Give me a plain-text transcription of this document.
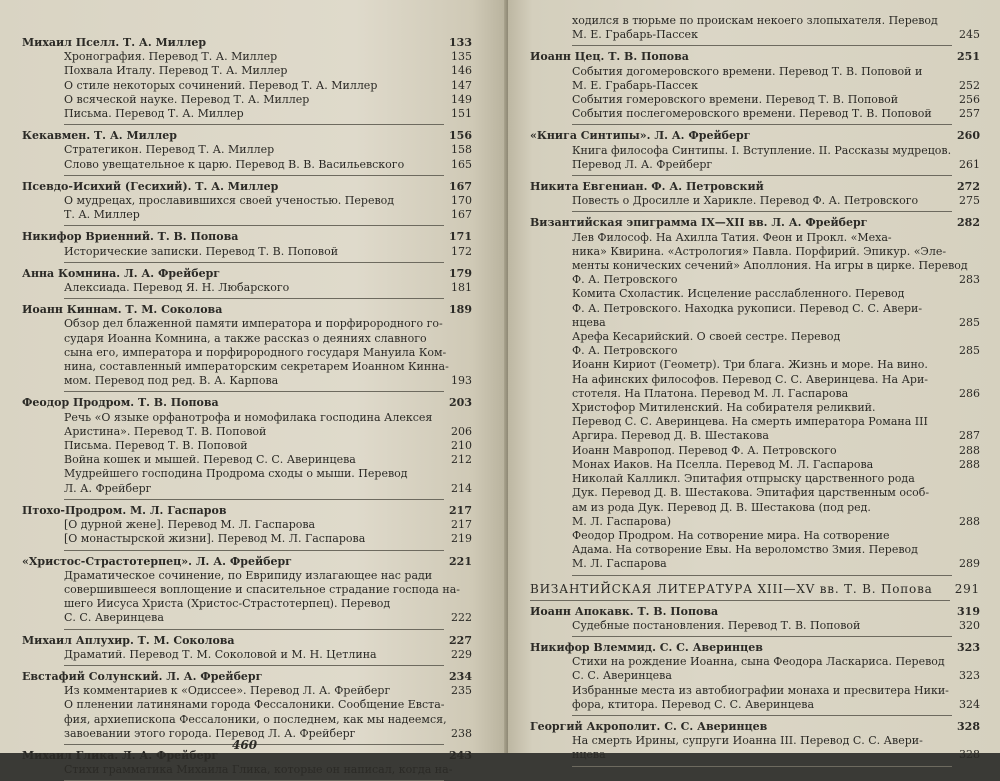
Михаил Пселл. Т. А. Миллер	133
Хронография. Перевод Т. А. Миллер	135
Похвала Италу. Перевод Т. А. Миллер	146
О стиле некоторых сочинений. Перевод Т. А. Миллер	147
О всяческой науке. Перевод Т. А. Миллер	149
Письма. Перевод Т. А. Миллер	151
Кекавмен. Т. А. Миллер	156
Стратегикон. Перевод Т. А. Миллер	158
Слово увещательное к царю. Перевод В. В. Васильевского	165
Псевдо-Исихий (Гесихий). Т. А. Миллер	167
О мудрецах, прославившихся своей ученостью. Перевод	170
Т. А. Миллер	167
Никифор Вриенний. Т. В. Попова	171
Исторические записки. Перевод Т. В. Поповой	172
Анна Комнина. Л. А. Фрейберг	179
Алексиада. Перевод Я. Н. Любарского	181
Иоанн Киннам. Т. М. Соколова	189
Обзор дел блаженной памяти императора и порфирородного го-
сударя Иоанна Комнина, а также рассказ о деяниях славного
сына его, императора и порфирородного государя Мануила Ком-
нина, составленный императорским секретарем Иоанном Кинна-
мом. Перевод под ред. В. А. Карпова	193
Феодор Продром. Т. В. Попова	203
Речь «О языке орфанотрофа и номофилака господина Алексея
Аристина». Перевод Т. В. Поповой	206
Письма. Перевод Т. В. Поповой	210
Война кошек и мышей. Перевод С. С. Аверинцева	212
Мудрейшего господина Продрома сходы о мыши. Перевод
Л. А. Фрейберг	214
Птохо-Продром. М. Л. Гаспаров	217
[О дурной жене]. Перевод М. Л. Гаспарова	217
[О монастырской жизни]. Перевод М. Л. Гаспарова	219
«Христос-Страстотерпец». Л. А. Фрейберг	221
Драматическое сочинение, по Еврипиду излагающее нас ради
совершившееся воплощение и спасительное страдание господа на-
шего Иисуса Христа (Христос-Страстотерпец). Перевод
С. С. Аверинцева	222
Михаил Аплухир. Т. М. Соколова	227
Драматий. Перевод Т. М. Соколовой и М. Н. Цетлина	229
Евстафий Солунский. Л. А. Фрейберг	234
Из комментариев к «Одиссее». Перевод Л. А. Фрейберг	235
О пленении латинянами города Фессалоники. Сообщение Евста-
фия, архиепископа Фессалоники, о последнем, как мы надеемся,
завоевании этого города. Перевод Л. А. Фрейберг	238
Михаил Глика. Л. А. Фрейберг	243
Стихи грамматика Михаила Глика, которые он написал, когда на-
460
ходился в тюрьме по проискам некоего злопыхателя. Перевод
М. Е. Грабарь-Пассек	245
Иоанн Цец. Т. В. Попова	251
События догомеровского времени. Перевод Т. В. Поповой и
М. Е. Грабарь-Пассек	252
События гомеровского времени. Перевод Т. В. Поповой	256
События послегомеровского времени. Перевод Т. В. Поповой	257
«Книга Синтипы». Л. А. Фрейберг	260
Книга философа Синтипы. I. Вступление. II. Рассказы мудрецов.
Перевод Л. А. Фрейберг	261
Никита Евгениан. Ф. А. Петровский	272
Повесть о Дросилле и Харикле. Перевод Ф. А. Петровского	275
Византийская эпиграмма IX—XII вв. Л. А. Фрейберг	282
Лев Философ. На Ахилла Татия. Феон и Прокл. «Меха-
ника» Квирина. «Астрология» Павла. Порфирий. Эпикур. «Эле-
менты конических сечений» Аполлония. На игры в цирке. Перевод
Ф. А. Петровского	283
Комита Схоластик. Исцеление расслабленного. Перевод
Ф. А. Петровского. Находка рукописи. Перевод С. С. Авери-
нцева	285
Арефа Кесарийский. О своей сестре. Перевод
Ф. А. Петровского	285
Иоанн Кириот (Геометр). Три блага. Жизнь и море. На вино.
На афинских философов. Перевод С. С. Аверинцева. На Ари-
стотеля. На Платона. Перевод М. Л. Гаспарова	286
Христофор Митиленский. На собирателя реликвий.
Перевод С. С. Аверинцева. На смерть императора Романа III
Аргира. Перевод Д. В. Шестакова	287
Иоанн Мавропод. Перевод Ф. А. Петровского	288
Монах Иаков. На Пселла. Перевод М. Л. Гаспарова	288
Николай Калликл. Эпитафия отпрыску царственного рода
Дук. Перевод Д. В. Шестакова. Эпитафия царственным особ-
ам из рода Дук. Перевод Д. В. Шестакова (под ред.
М. Л. Гаспарова)	288
Феодор Продром. На сотворение мира. На сотворение
Адама. На сотворение Евы. На вероломство Змия. Перевод
М. Л. Гаспарова	289
ВИЗАНТИЙСКАЯ ЛИТЕРАТУРА XIII—XV вв. Т. В. Попова	291
Иоанн Апокавк. Т. В. Попова	319
Судебные постановления. Перевод Т. В. Поповой	320
Никифор Влеммид. С. С. Аверинцев	323
Стихи на рождение Иоанна, сына Феодора Ласкариса. Перевод
С. С. Аверинцева	323
Избранные места из автобиографии монаха и пресвитера Ники-
фора, ктитора. Перевод С. С. Аверинцева	324
Георгий Акрополит. С. С. Аверинцев	328
На смерть Ирины, супруги Иоанна III. Перевод С. С. Авери-
нцева	328
